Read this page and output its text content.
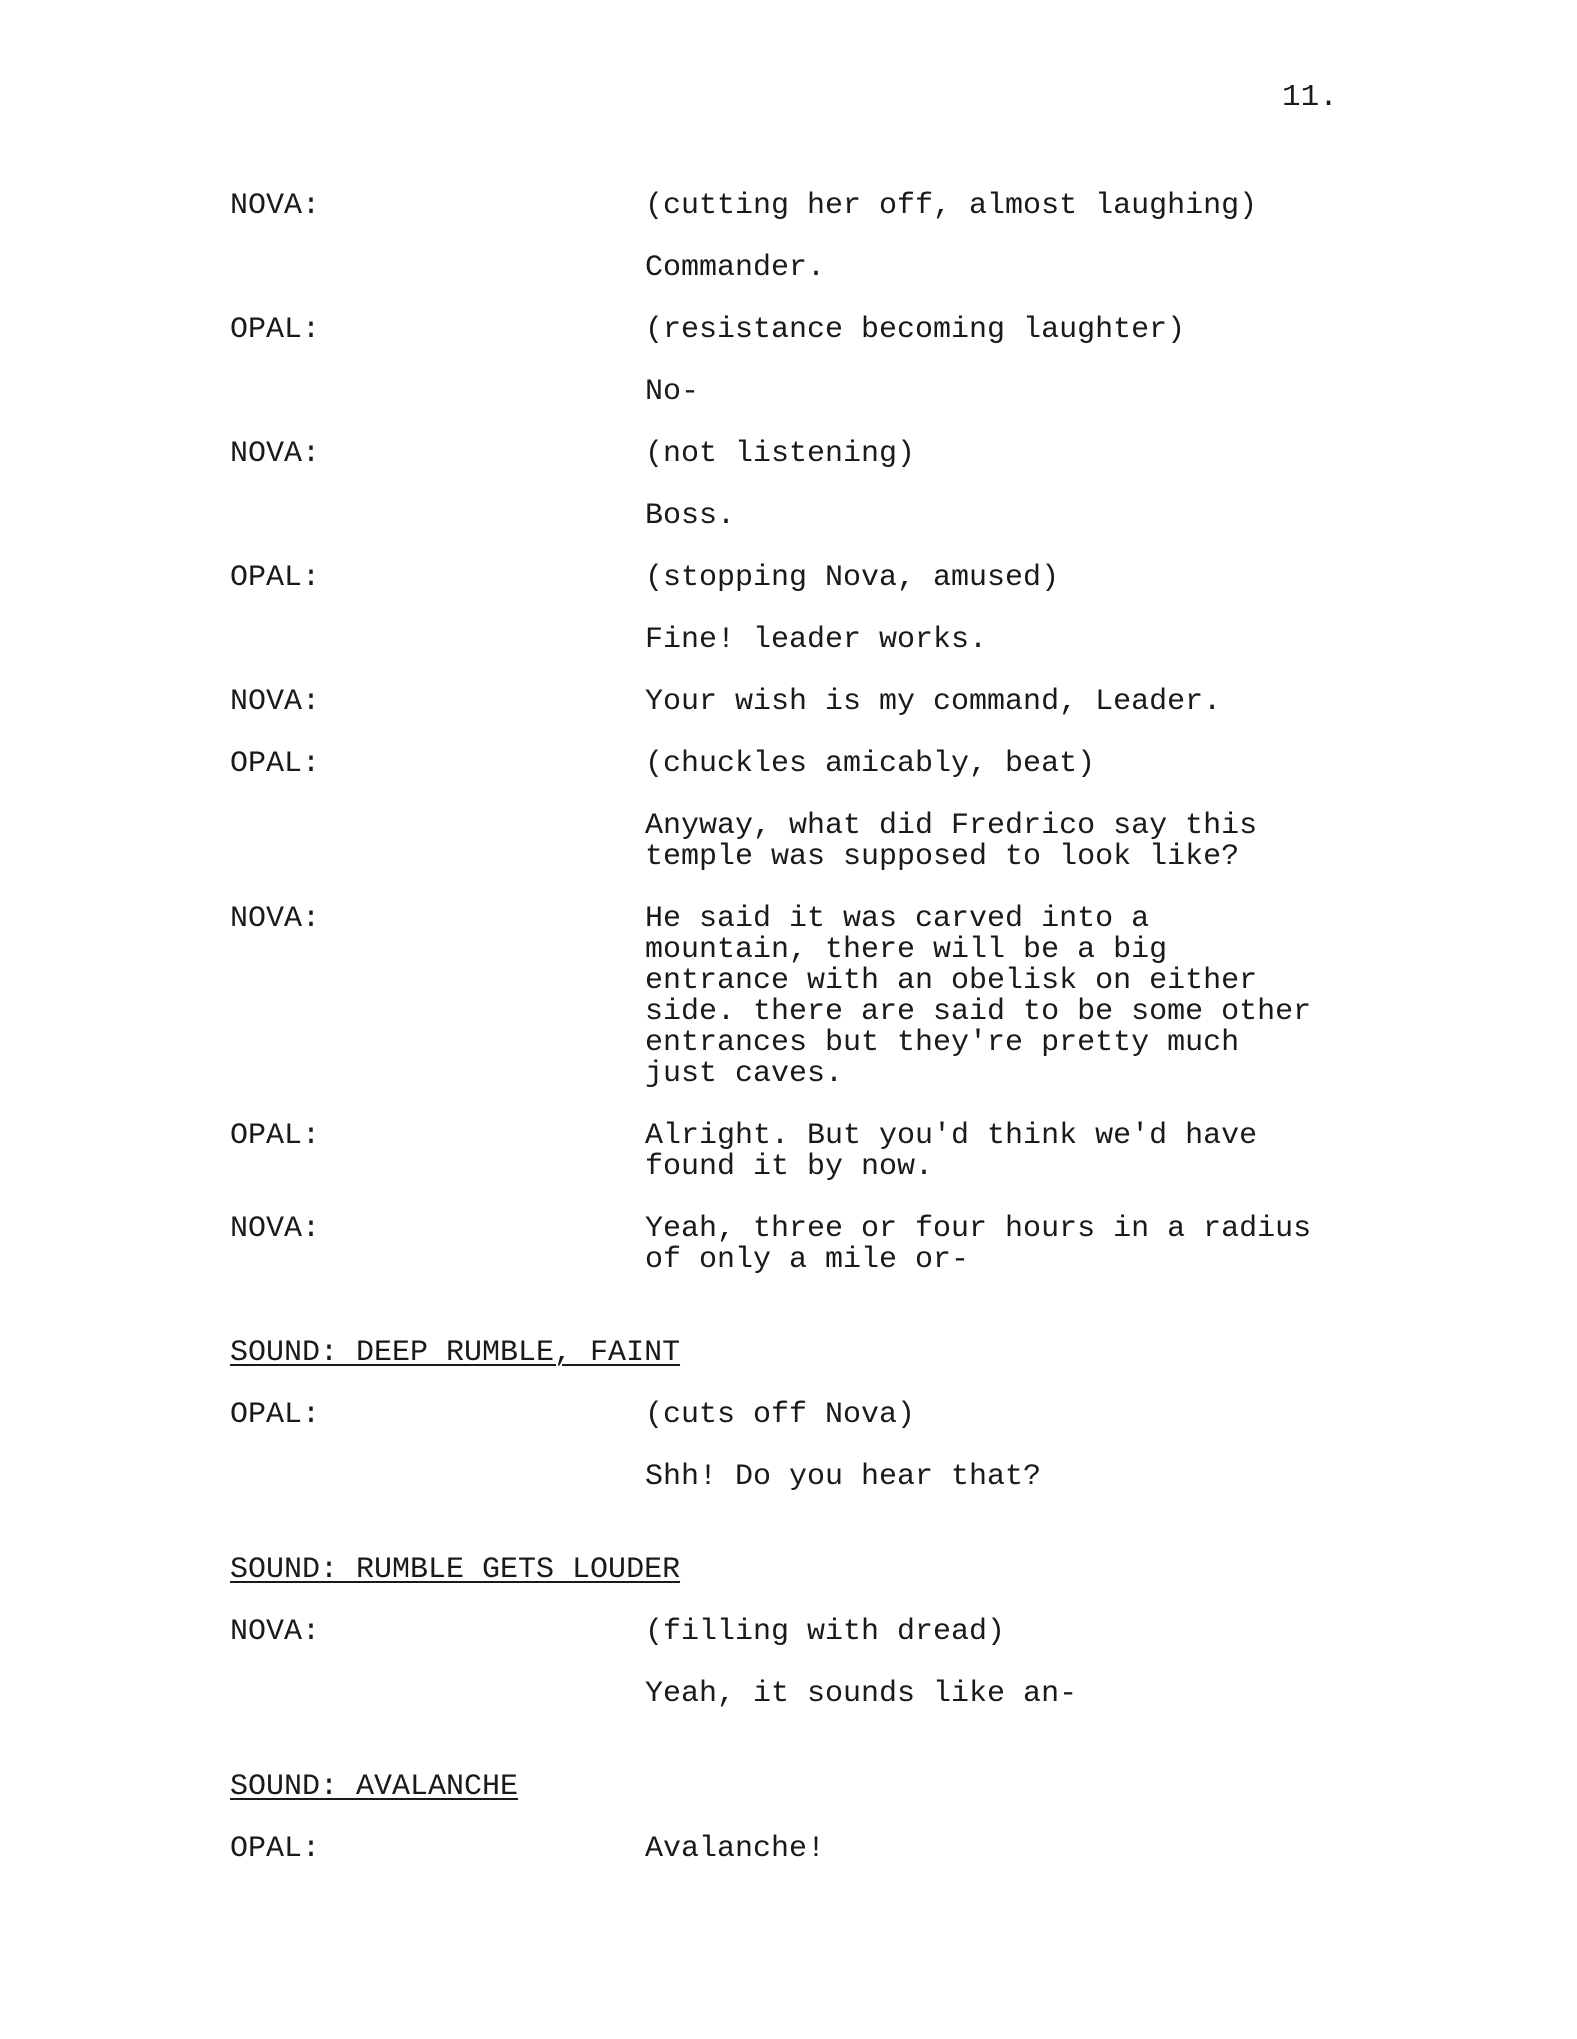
11.
NOVA:	(cutting her off, almost laughing)
Commander.
OPAL:	(resistance becoming laughter)
No-
NOVA:	(not listening)
Boss.
OPAL:	(stopping Nova, amused)
Fine! leader works.
NOVA:	Your wish is my command, Leader.
OPAL:	(chuckles amicably, beat)
Anyway, what did Fredrico say this
temple was supposed to look like?
NOVA:	He said it was carved into a
mountain, there will be a big
entrance with an obelisk on either
side. there are said to be some other
entrances but they're pretty much
just caves.
OPAL:	Alright. But you'd think we'd have
found it by now.
NOVA:	Yeah, three or four hours in a radius
of only a mile or-
SOUND: DEEP RUMBLE, FAINT
OPAL:	(cuts off Nova)
Shh! Do you hear that?
SOUND: RUMBLE GETS LOUDER
NOVA:	(filling with dread)
Yeah, it sounds like an-
SOUND: AVALANCHE
OPAL:	Avalanche!
